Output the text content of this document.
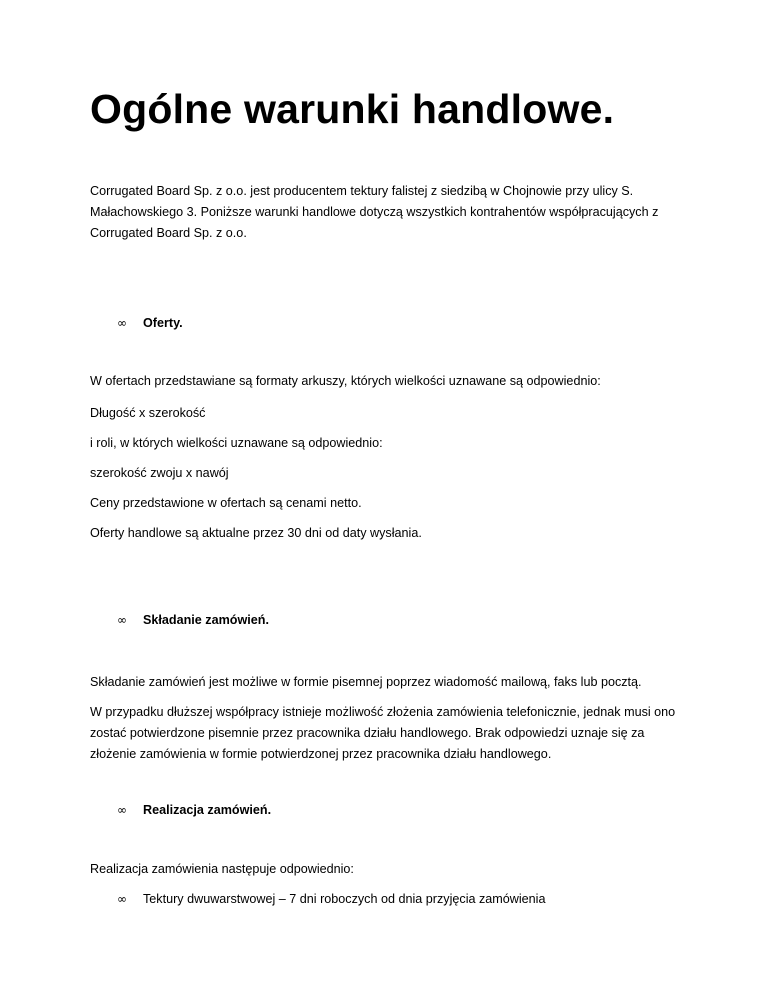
Ogólne warunki handlowe.

Corrugated Board Sp. z o.o. jest producentem tektury falistej z siedzibą w Chojnowie przy ulicy S. Małachowskiego 3. Poniższe warunki handlowe dotyczą wszystkich kontrahentów współpracujących z Corrugated Board Sp. z o.o.

∞	Oferty.

W ofertach przedstawiane są formaty arkuszy, których wielkości uznawane są odpowiednio:

Długość x szerokość

i roli, w których wielkości uznawane są odpowiednio:

szerokość zwoju x nawój

Ceny przedstawione w ofertach są cenami netto.

Oferty handlowe są aktualne przez 30 dni od daty wysłania.

∞	Składanie zamówień.

Składanie zamówień jest możliwe w formie pisemnej poprzez wiadomość mailową, faks lub pocztą.

W przypadku dłuższej współpracy istnieje możliwość złożenia zamówienia telefonicznie, jednak musi ono zostać potwierdzone pisemnie przez pracownika działu handlowego. Brak odpowiedzi uznaje się za złożenie zamówienia w formie potwierdzonej przez pracownika działu handlowego.

∞	Realizacja zamówień.

Realizacja zamówienia następuje odpowiednio:

∞	Tektury dwuwarstwowej – 7 dni roboczych od dnia przyjęcia zamówienia
